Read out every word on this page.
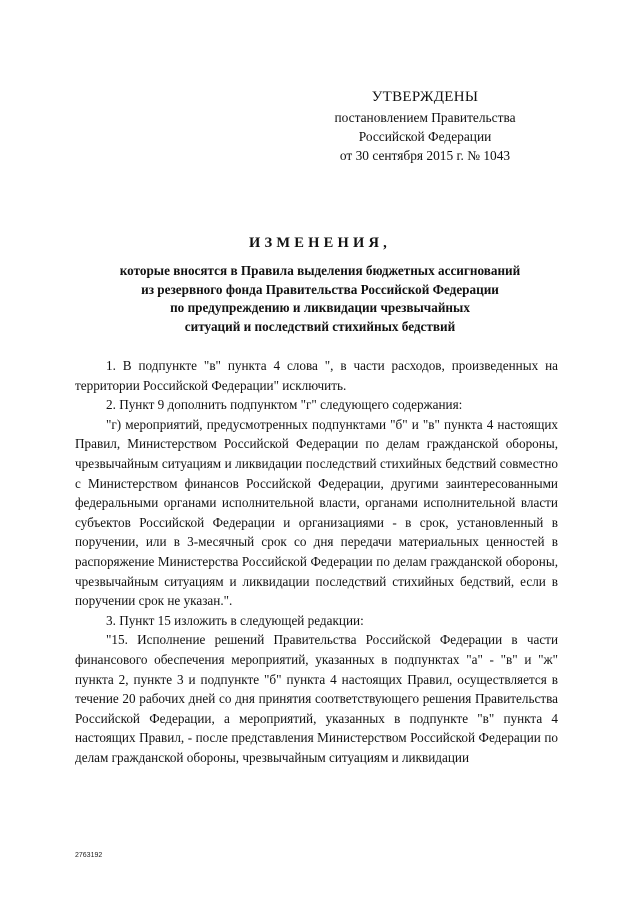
УТВЕРЖДЕНЫ
постановлением Правительства
Российской Федерации
от 30 сентября 2015 г. № 1043
ИЗМЕНЕНИЯ,
которые вносятся в Правила выделения бюджетных ассигнований
из резервного фонда Правительства Российской Федерации
по предупреждению и ликвидации чрезвычайных
ситуаций и последствий стихийных бедствий

1. В подпункте "в" пункта 4 слова ", в части расходов, произведенных на территории Российской Федерации" исключить.

2. Пункт 9 дополнить подпунктом "г" следующего содержания:

"г) мероприятий, предусмотренных подпунктами "б" и "в" пункта 4 настоящих Правил, Министерством Российской Федерации по делам гражданской обороны, чрезвычайным ситуациям и ликвидации последствий стихийных бедствий совместно с Министерством финансов Российской Федерации, другими заинтересованными федеральными органами исполнительной власти, органами исполнительной власти субъектов Российской Федерации и организациями - в срок, установленный в поручении, или в 3-месячный срок со дня передачи материальных ценностей в распоряжение Министерства Российской Федерации по делам гражданской обороны, чрезвычайным ситуациям и ликвидации последствий стихийных бедствий, если в поручении срок не указан.".

3. Пункт 15 изложить в следующей редакции:

"15. Исполнение решений Правительства Российской Федерации в части финансового обеспечения мероприятий, указанных в подпунктах "а" - "в" и "ж" пункта 2, пункте 3 и подпункте "б" пункта 4 настоящих Правил, осуществляется в течение 20 рабочих дней со дня принятия соответствующего решения Правительства Российской Федерации, а мероприятий, указанных в подпункте "в" пункта 4 настоящих Правил, - после представления Министерством Российской Федерации по делам гражданской обороны, чрезвычайным ситуациям и ликвидации

2763192
